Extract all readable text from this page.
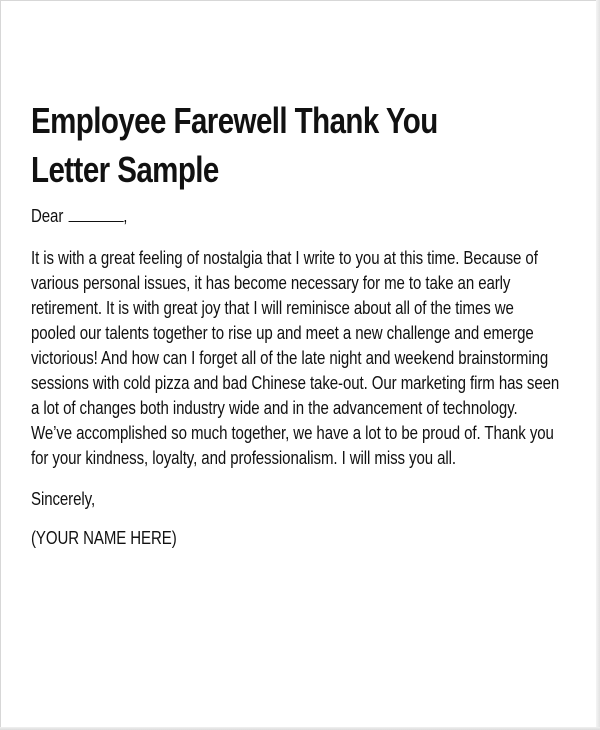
Employee Farewell Thank You
Letter Sample

Dear	,

It is with a great feeling of nostalgia that I write to you at this time. Because of
various personal issues, it has become necessary for me to take an early
retirement. It is with great joy that I will reminisce about all of the times we
pooled our talents together to rise up and meet a new challenge and emerge
victorious! And how can I forget all of the late night and weekend brainstorming
sessions with cold pizza and bad Chinese take-out. Our marketing firm has seen
a lot of changes both industry wide and in the advancement of technology.
We’ve accomplished so much together, we have a lot to be proud of. Thank you
for your kindness, loyalty, and professionalism. I will miss you all.

Sincerely,

(YOUR NAME HERE)
